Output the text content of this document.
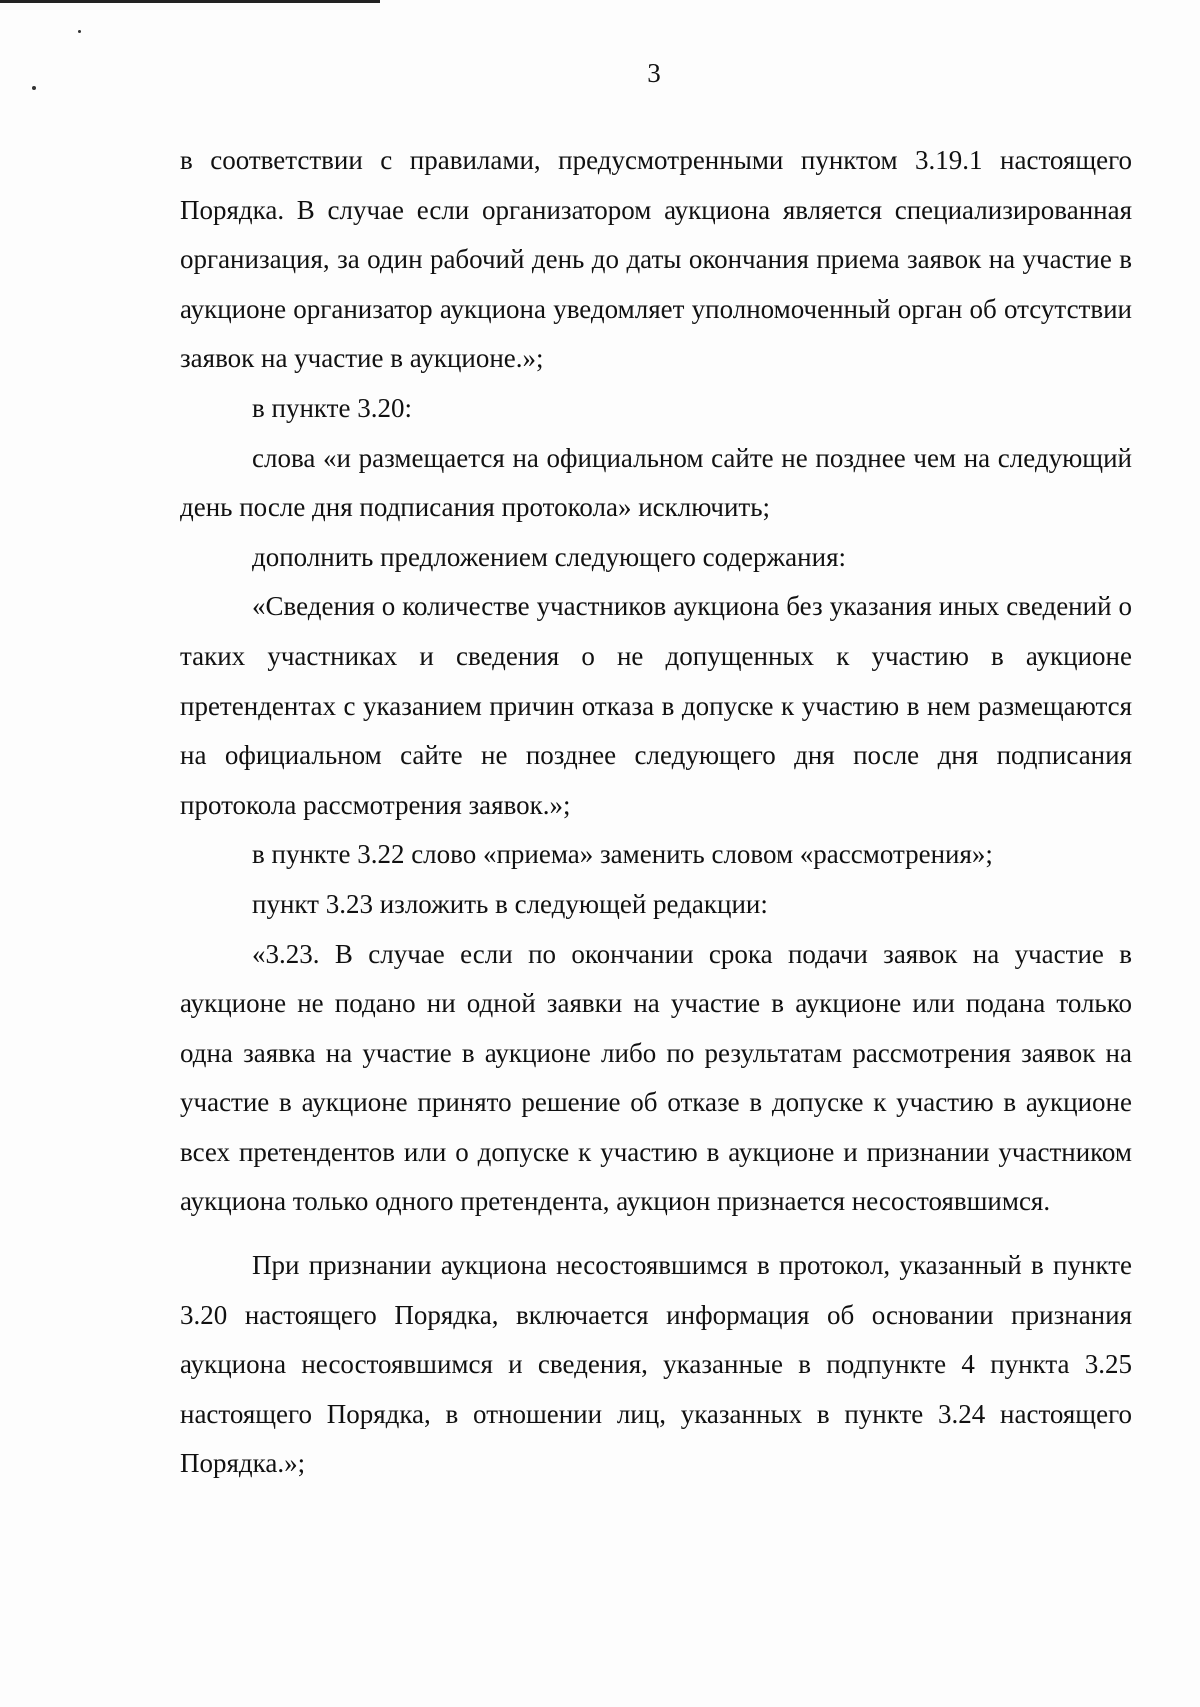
3

в соответствии с правилами, предусмотренными пунктом 3.19.1 настоящего Порядка. В случае если организатором аукциона является специализированная организация, за один рабочий день до даты окончания приема заявок на участие в аукционе организатор аукциона уведомляет уполномоченный орган об отсутствии заявок на участие в аукционе.»;

в пункте 3.20:

слова «и размещается на официальном сайте не позднее чем на следующий день после дня подписания протокола» исключить;

дополнить предложением следующего содержания:

«Сведения о количестве участников аукциона без указания иных сведений о таких участниках и сведения о не допущенных к участию в аукционе претендентах с указанием причин отказа в допуске к участию в нем размещаются на официальном сайте не позднее следующего дня после дня подписания протокола рассмотрения заявок.»;

в пункте 3.22 слово «приема» заменить словом «рассмотрения»;

пункт 3.23 изложить в следующей редакции:

«3.23. В случае если по окончании срока подачи заявок на участие в аукционе не подано ни одной заявки на участие в аукционе или подана только одна заявка на участие в аукционе либо по результатам рассмотрения заявок на участие в аукционе принято решение об отказе в допуске к участию в аукционе всех претендентов или о допуске к участию в аукционе и признании участником аукциона только одного претендента, аукцион признается несостоявшимся.

При признании аукциона несостоявшимся в протокол, указанный в пункте 3.20 настоящего Порядка, включается информация об основании признания аукциона несостоявшимся и сведения, указанные в подпункте 4 пункта 3.25 настоящего Порядка, в отношении лиц, указанных в пункте 3.24 настоящего Порядка.»;
